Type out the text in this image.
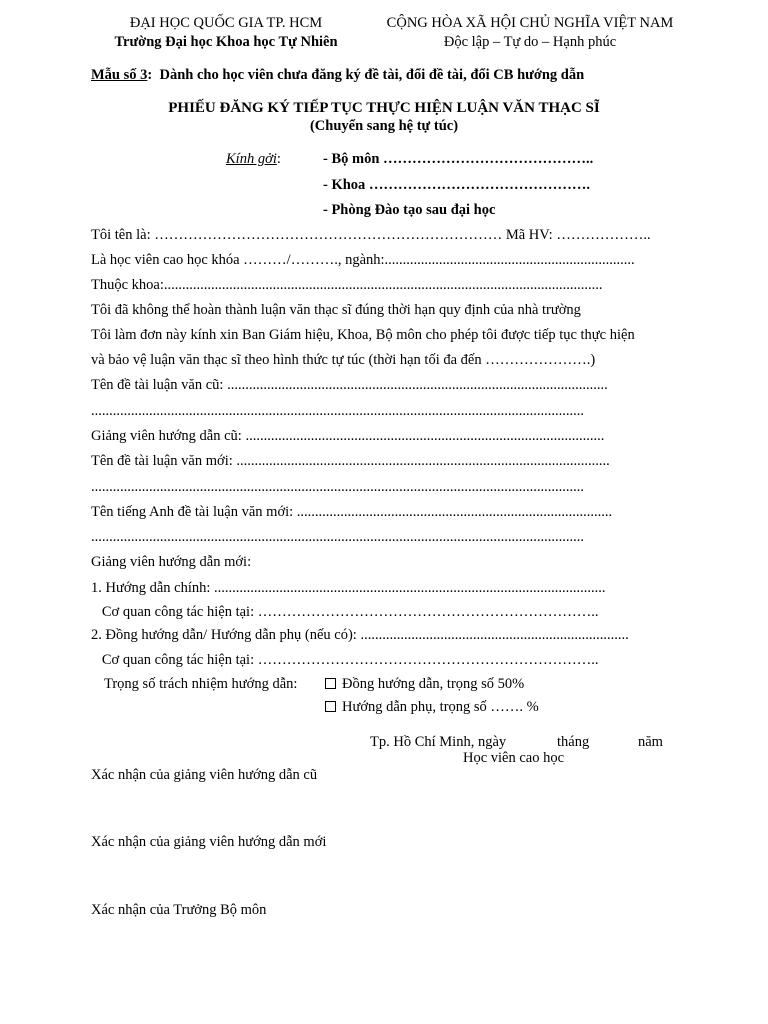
ĐẠI HỌC QUỐC GIA TP. HCM
Trường Đại học Khoa học Tự Nhiên
CỘNG HÒA XÃ HỘI CHỦ NGHĨA VIỆT NAM
Độc lập – Tự do – Hạnh phúc
Mẫu số 3: Dành cho học viên chưa đăng ký đề tài, đổi đề tài, đổi CB hướng dẫn
PHIẾU ĐĂNG KÝ TIẾP TỤC THỰC HIỆN LUẬN VĂN THẠC SĨ
(Chuyển sang hệ tự túc)
Kính gởi:	- Bộ môn ……………………………………..
- Khoa ……………………………………….
- Phòng Đào tạo sau đại học
Tôi tên là: ……………………………………………………………… Mã HV: ………………..
Là học viên cao học khóa ………/………., ngành:.....................................................................
Thuộc khoa:.........................................................................................................................
Tôi đã không thể hoàn thành luận văn thạc sĩ đúng thời hạn quy định của nhà trường
Tôi làm đơn này kính xin Ban Giám hiệu, Khoa, Bộ môn cho phép tôi được tiếp tục thực hiện
và bảo vệ luận văn thạc sĩ theo hình thức tự túc (thời hạn tối đa đến ………………….)
Tên đề tài luận văn cũ: .........................................................................................................
........................................................................................................................................
Giảng viên hướng dẫn cũ: ...................................................................................................
Tên đề tài luận văn mới: .......................................................................................................
........................................................................................................................................
Tên tiếng Anh đề tài luận văn mới: .......................................................................................
........................................................................................................................................
Giảng viên hướng dẫn mới:
1. Hướng dẫn chính: ............................................................................................................
Cơ quan công tác hiện tại: ……………………………………………………………..
2. Đồng hướng dẫn/ Hướng dẫn phụ (nếu có): ..........................................................................
Cơ quan công tác hiện tại: ……………………………………………………………..
Trọng số trách nhiệm hướng dẫn:	Đồng hướng dẫn, trọng số 50%
Hướng dẫn phụ, trọng số ……. %
Tp. Hồ Chí Minh, ngày	tháng	năm
Học viên cao học
Xác nhận của giảng viên hướng dẫn cũ
Xác nhận của giảng viên hướng dẫn mới
Xác nhận của Trưởng Bộ môn
